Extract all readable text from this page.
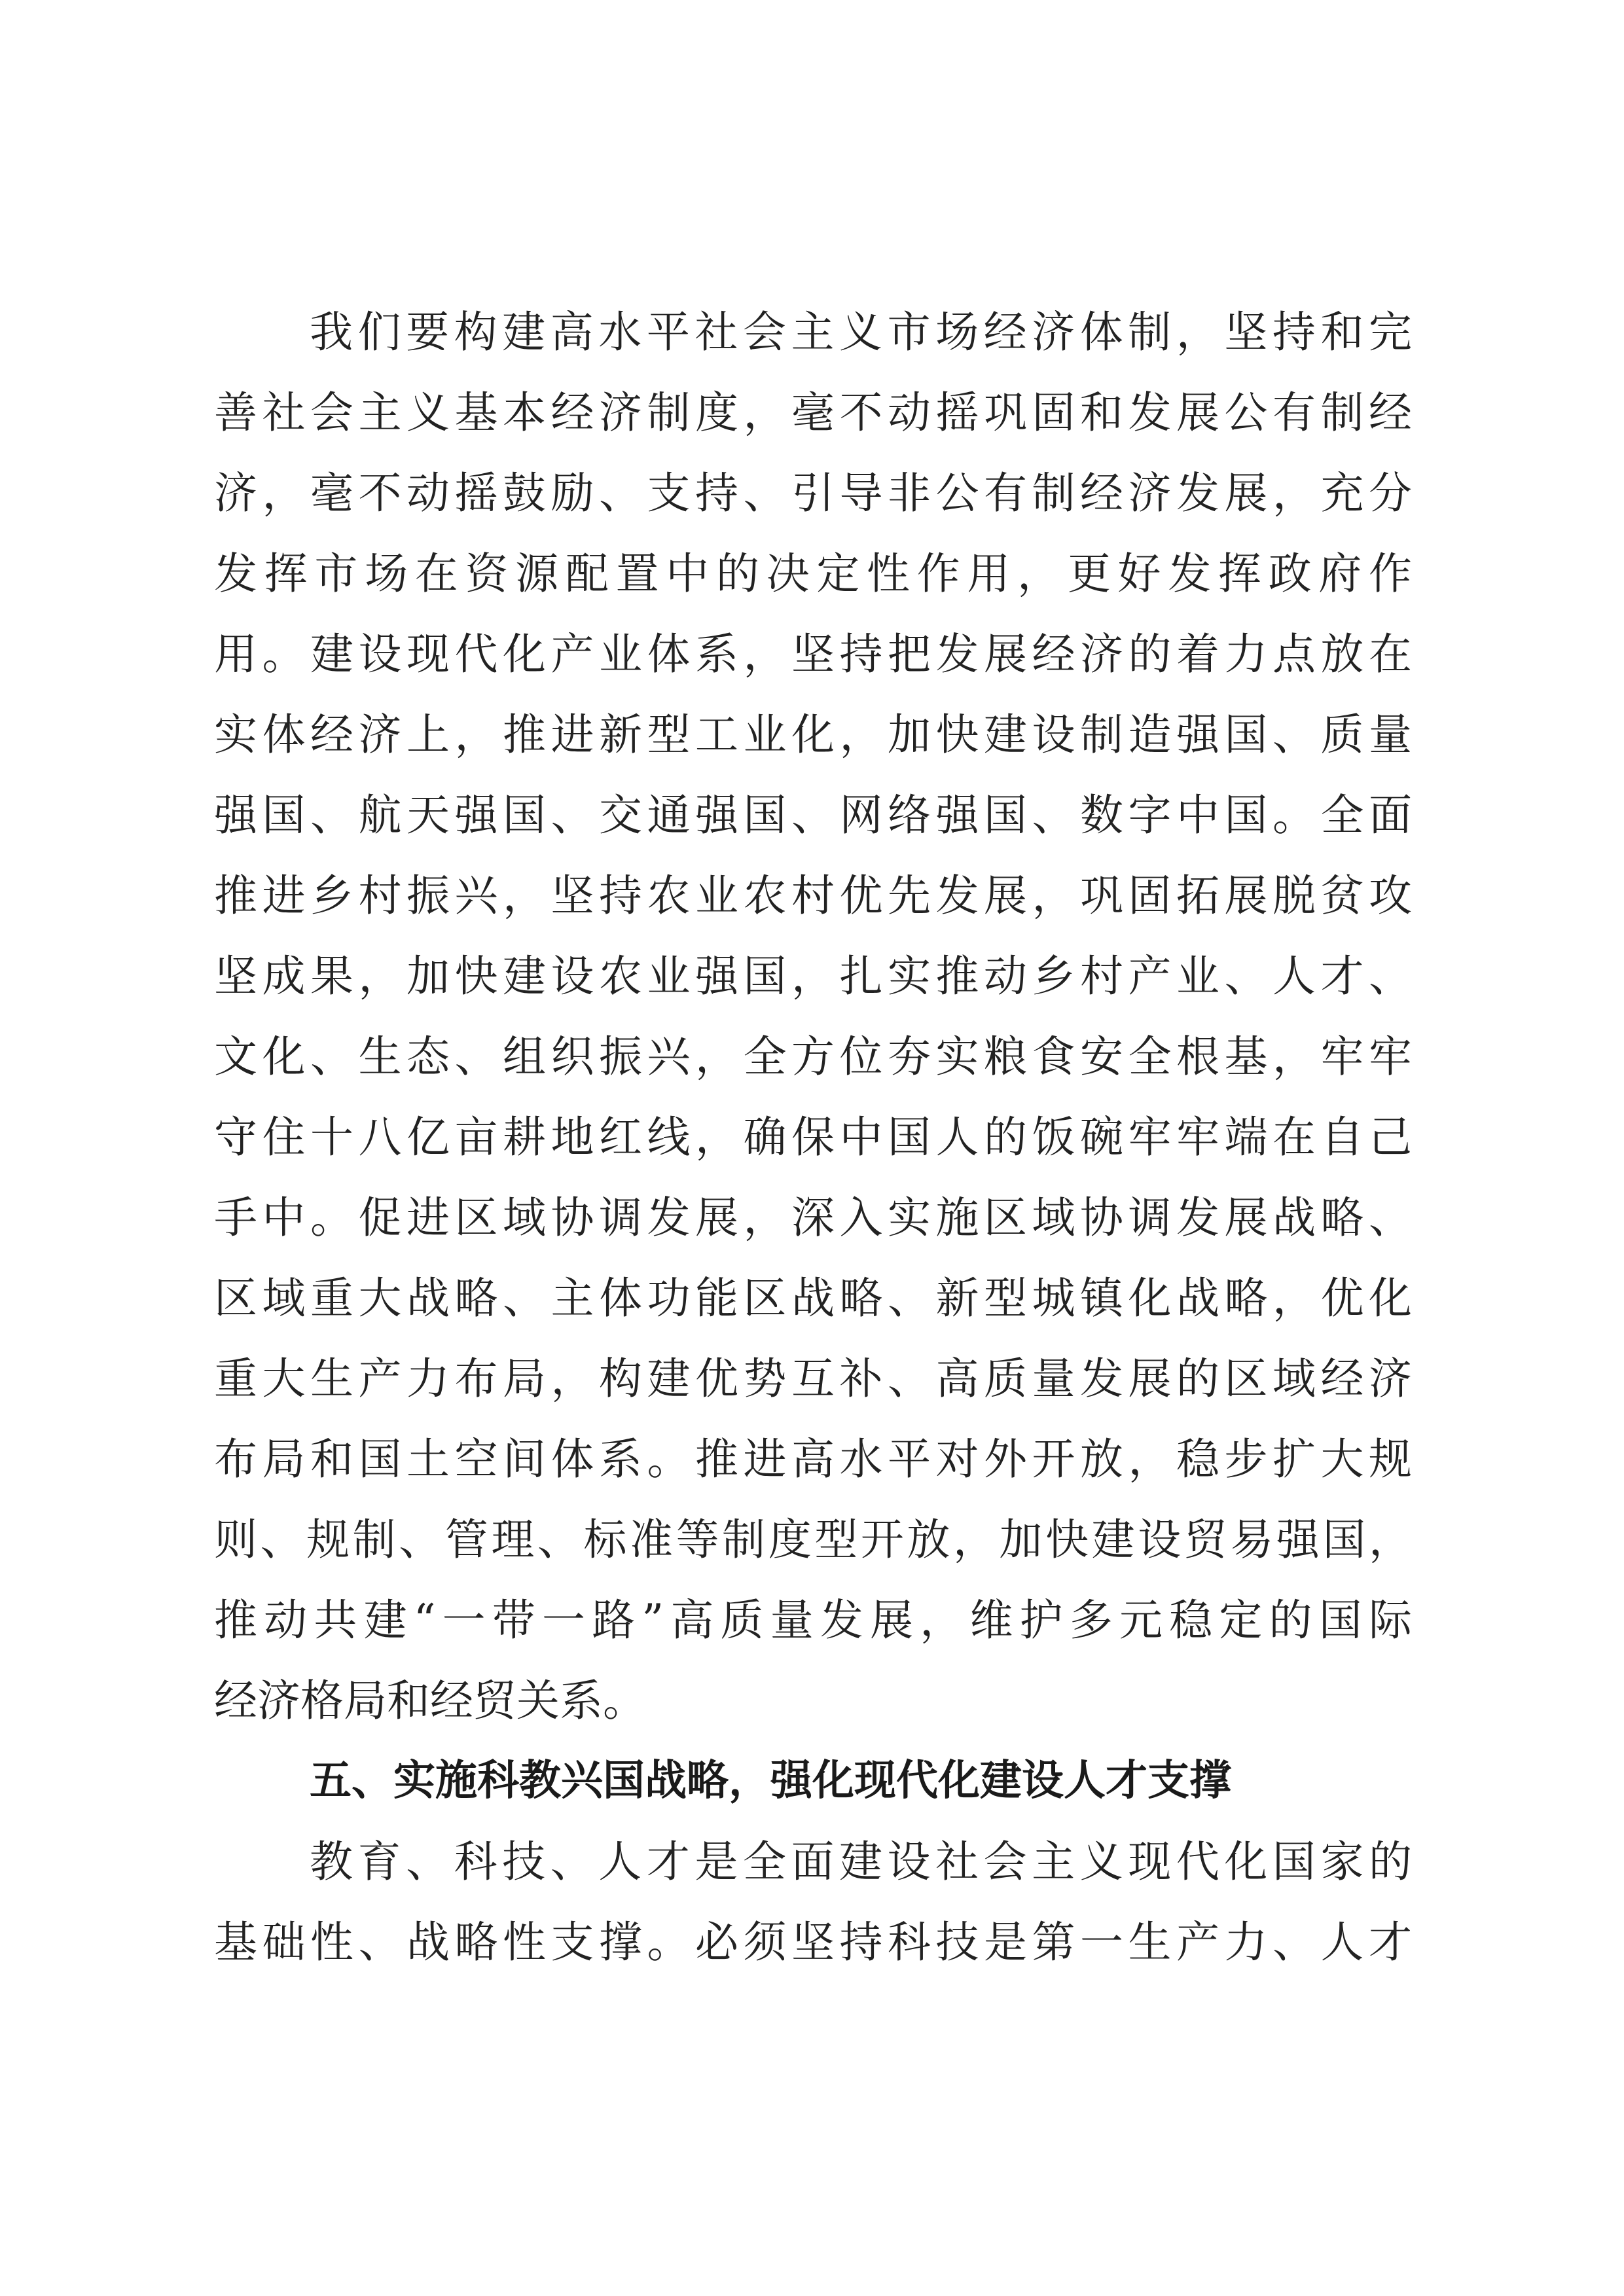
我们要构建高水平社会主义市场经济体制，坚持和完
善社会主义基本经济制度，毫不动摇巩固和发展公有制经
济，毫不动摇鼓励、支持、引导非公有制经济发展，充分
发挥市场在资源配置中的决定性作用，更好发挥政府作
用。建设现代化产业体系，坚持把发展经济的着力点放在
实体经济上，推进新型工业化，加快建设制造强国、质量
强国、航天强国、交通强国、网络强国、数字中国。全面
推进乡村振兴，坚持农业农村优先发展，巩固拓展脱贫攻
坚成果，加快建设农业强国，扎实推动乡村产业、人才、
文化、生态、组织振兴，全方位夯实粮食安全根基，牢牢
守住十八亿亩耕地红线，确保中国人的饭碗牢牢端在自己
手中。促进区域协调发展，深入实施区域协调发展战略、
区域重大战略、主体功能区战略、新型城镇化战略，优化
重大生产力布局，构建优势互补、高质量发展的区域经济
布局和国土空间体系。推进高水平对外开放，稳步扩大规
则、规制、管理、标准等制度型开放，加快建设贸易强国，
推动共建“一带一路”高质量发展，维护多元稳定的国际
经济格局和经贸关系。
五、实施科教兴国战略，强化现代化建设人才支撑
教育、科技、人才是全面建设社会主义现代化国家的
基础性、战略性支撑。必须坚持科技是第一生产力、人才
